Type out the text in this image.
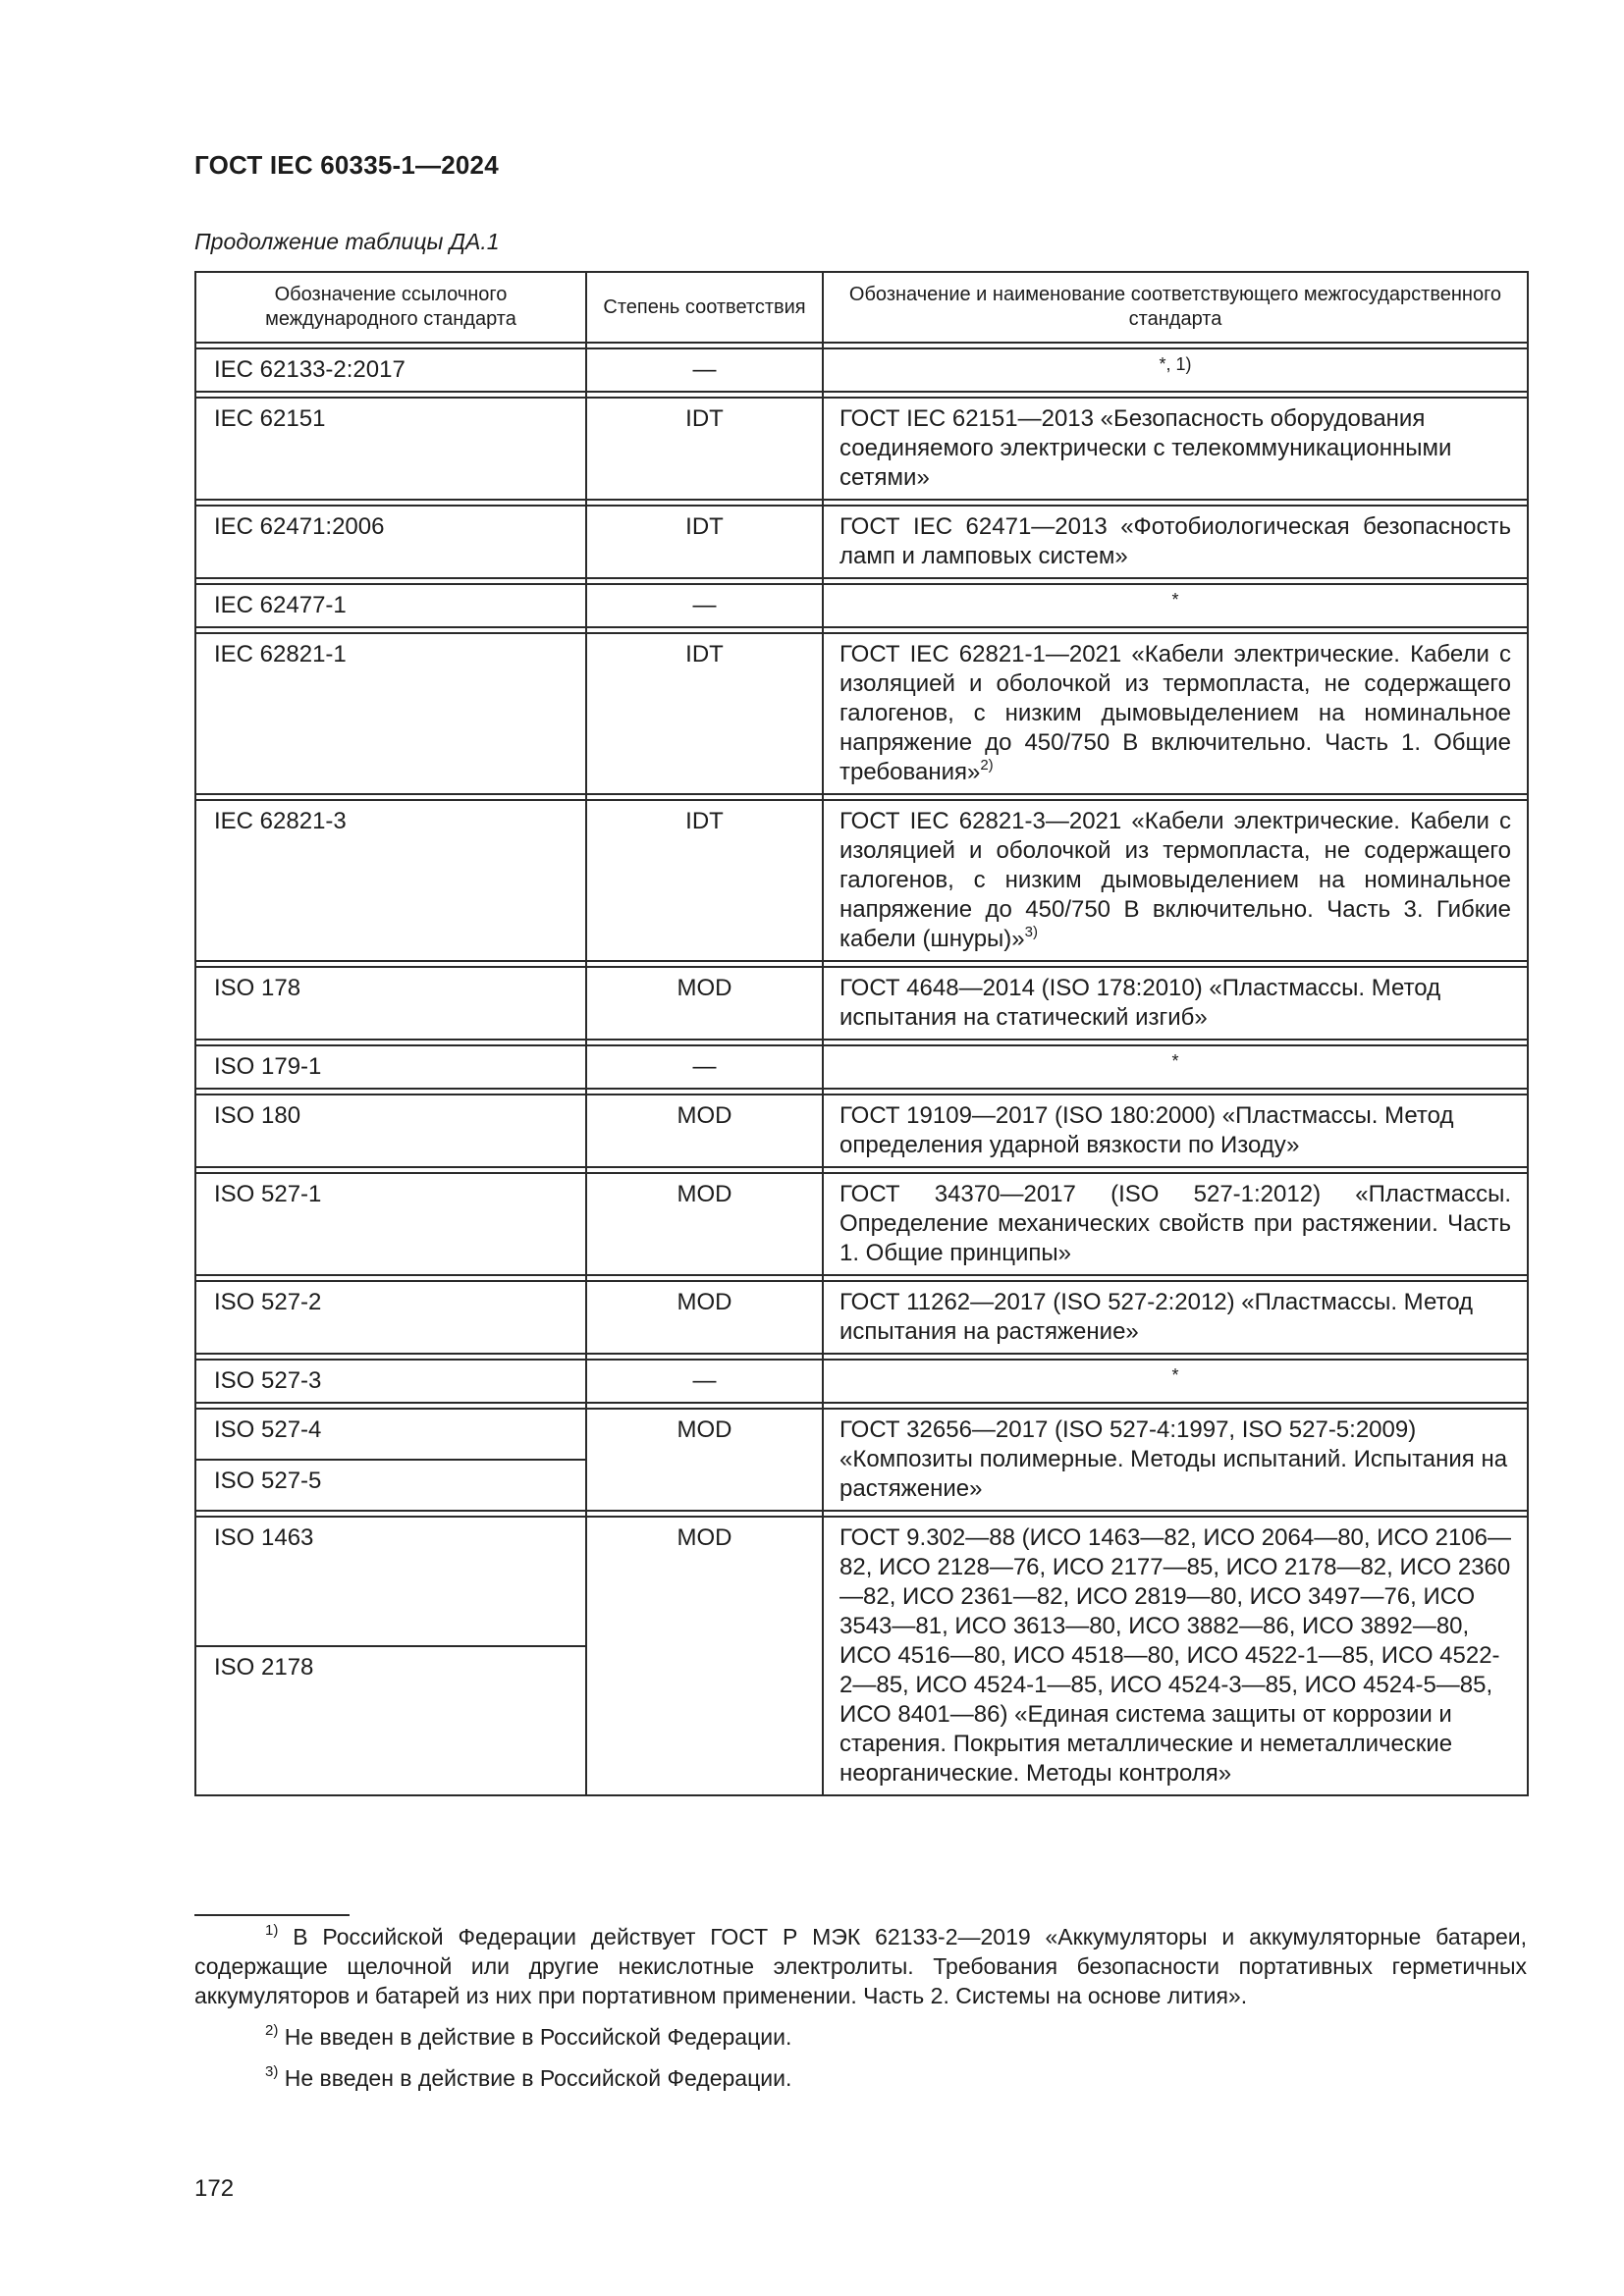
ГОСТ IEC 60335-1—2024
Продолжение таблицы ДА.1
Обозначение ссылочного международного стандарта	Степень соответствия	Обозначение и наименование соответствующего межгосударственного стандарта

IEC 62133-2:2017	—	*, 1)

IEC 62151	IDT	ГОСТ IEC 62151—2013 «Безопасность оборудования соединяемого электрически с телекоммуникационными сетями»

IEC 62471:2006	IDT	ГОСТ IEC 62471—2013 «Фотобиологическая безопасность ламп и ламповых систем»

IEC 62477-1	—	*

IEC 62821-1	IDT	ГОСТ IEC 62821-1—2021 «Кабели электрические. Кабели с изоляцией и оболочкой из термопласта, не содержащего галогенов, с низким дымовыделением на номинальное напряжение до 450/750 В включительно. Часть 1. Общие требования»$^{2)}$

IEC 62821-3	IDT	ГОСТ IEC 62821-3—2021 «Кабели электрические. Кабели с изоляцией и оболочкой из термопласта, не содержащего галогенов, с низким дымовыделением на номинальное напряжение до 450/750 В включительно. Часть 3. Гибкие кабели (шнуры)»$^{3)}$

ISO 178	MOD	ГОСТ 4648—2014 (ISO 178:2010) «Пластмассы. Метод испытания на статический изгиб»

ISO 179-1	—	*

ISO 180	MOD	ГОСТ 19109—2017 (ISO 180:2000) «Пластмассы. Метод определения ударной вязкости по Изоду»

ISO 527-1	MOD	ГОСТ 34370—2017 (ISO 527-1:2012) «Пластмассы. Определение механических свойств при растяжении. Часть 1. Общие принципы»

ISO 527-2	MOD	ГОСТ 11262—2017 (ISO 527-2:2012) «Пластмассы. Метод испытания на растяжение»

ISO 527-3	—	*

ISO 527-4	MOD	ГОСТ 32656—2017 (ISO 527-4:1997, ISO 527-5:2009) «Композиты полимерные. Методы испытаний. Испытания на растяжение»
ISO 527-5		

ISO 1463	MOD	ГОСТ 9.302—88 (ИСО 1463—82, ИСО 2064—80, ИСО 2106—82, ИСО 2128—76, ИСО 2177—85, ИСО 2178—82, ИСО 2360—82, ИСО 2361—82, ИСО 2819—80, ИСО 3497—76, ИСО 3543—81, ИСО 3613—80, ИСО 3882—86, ИСО 3892—80, ИСО 4516—80, ИСО 4518—80, ИСО 4522-1—85, ИСО 4522-2—85, ИСО 4524-1—85, ИСО 4524-3—85, ИСО 4524-5—85, ИСО 8401—86) «Единая система защиты от коррозии и старения. Покрытия металлические и неметаллические неорганические. Методы контроля»
ISO 2178		
$^{1)}$ В Российской Федерации действует ГОСТ Р МЭК 62133-2—2019 «Аккумуляторы и аккумуляторные батареи, содержащие щелочной или другие некислотные электролиты. Требования безопасности портативных герметичных аккумуляторов и батарей из них при портативном применении. Часть 2. Системы на основе лития».
$^{2)}$ Не введен в действие в Российской Федерации.
$^{3)}$ Не введен в действие в Российской Федерации.
172
